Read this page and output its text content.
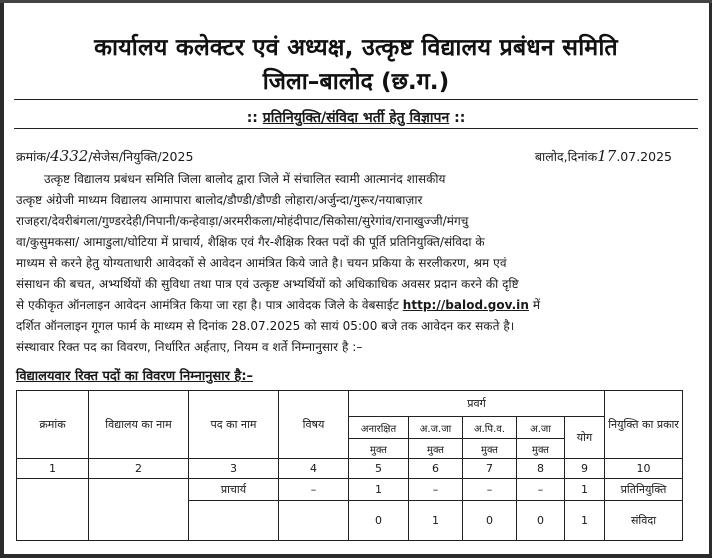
कार्यालय कलेक्टर एवं अध्यक्ष, उत्कृष्ट विद्यालय प्रबंधन समिति
जिला–बालोद (छ.ग.)
:: प्रतिनियुक्ति/संविदा भर्ती हेतु विज्ञापन ::
क्रमांक/4332/सेजेस/नियुक्ति/2025	बालोद,दिनांक17.07.2025
उत्कृष्ट विद्यालय प्रबंधन समिति जिला बालोद द्वारा जिले में संचालित स्वामी आत्मानंद शासकीय
उत्कृष्ट अंग्रेजी माध्यम विद्यालय आमापारा बालोद/डौण्डी/डौण्डी लोहारा/अर्जुन्दा/गुरूर/नयाबाज़ार
राजहरा/देवरीबंगला/गुण्डरदेही/निपानी/कन्हेवाड़ा/अरमरीकला/मोहंदीपाट/सिकोसा/सुरेगांव/रानाखुज्जी/मंगचु
वा/कुसुमकसा/ आमाडुला/घोटिया में प्राचार्य, शैक्षिक एवं गैर-शैक्षिक रिक्त पदों की पूर्ति प्रतिनियुक्ति/संविदा के
माध्यम से करने हेतु योग्यताधारी आवेदकों से आवेदन आमंत्रित किये जाते है। चयन प्रकिया के सरलीकरण, श्रम एवं
संसाधन की बचत, अभ्यर्थियों की सुविधा तथा पात्र एवं उत्कृष्ट अभ्यर्थियों को अधिकाधिक अवसर प्रदान करने की दृष्टि
से एकीकृत ऑनलाइन आवेदन आमंत्रित किया जा रहा है। पात्र आवेदक जिले के वेबसाईट http://balod.gov.in में
दर्शित ऑनलाइन गूगल फार्म के माध्यम से दिनांक 28.07.2025 को सायं 05:00 बजे तक आवेदन कर सकते है।
संस्थावार रिक्त पद का विवरण, निर्धारित अर्हताए, नियम व शर्ते निम्नानुसार है :–
विद्यालयवार रिक्त पदों का विवरण निम्नानुसार है:–
क्रमांक	विद्यालय का नाम	पद का नाम	विषय	प्रवर्ग					नियुक्ति का प्रकार
				अनारक्षित	अ.ज.जा	अ.पि.व.	अ.जा	योग	
				मुक्त	मुक्त	मुक्त	मुक्त		
1	2	3	4	5	6	7	8	9	10
		प्राचार्य	–	1	–	–	–	1	प्रतिनियुक्ति
				0	1	0	0	1	संविदा
